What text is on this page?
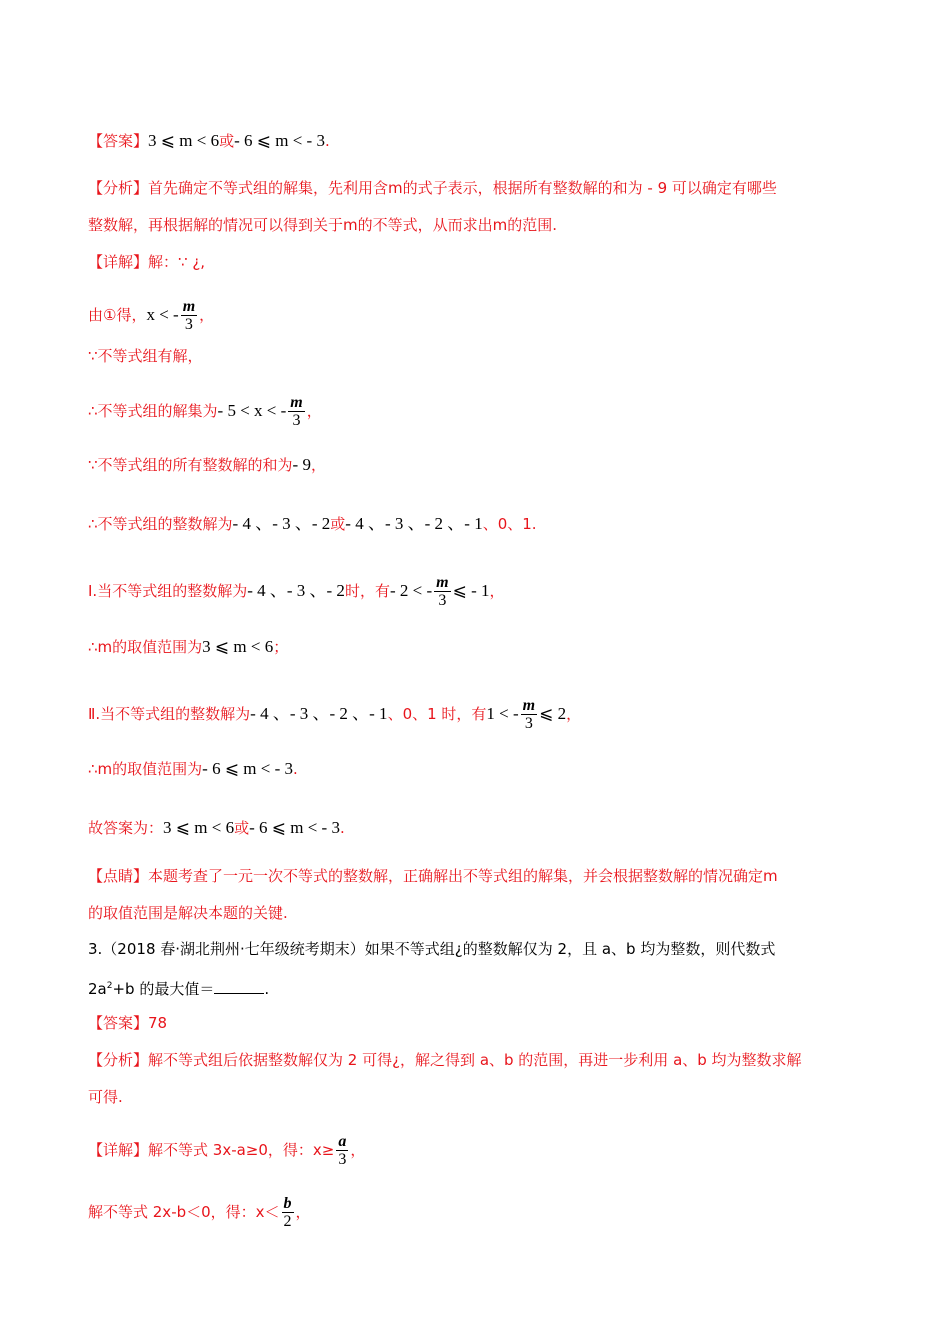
【答案】3 ⩽ m < 6或- 6 ⩽ m < - 3.
【分析】首先确定不等式组的解集，先利用含m的式子表示，根据所有整数解的和为 - 9 可以确定有哪些
整数解，再根据解的情况可以得到关于m的不等式，从而求出m的范围.
【详解】解：∵ ¿,
由①得，x < - $\frac{m}{3}$ ，
∵不等式组有解，
∴不等式组的解集为- 5 < x < - $\frac{m}{3}$ ，
∵不等式组的所有整数解的和为- 9，
∴不等式组的整数解为- 4 、- 3 、- 2或- 4 、- 3 、- 2 、- 1、0、1.
Ⅰ.当不等式组的整数解为- 4 、- 3 、- 2时，有- 2 < - $\frac{m}{3}$ ⩽ - 1，
∴m的取值范围为3 ⩽ m < 6；
Ⅱ.当不等式组的整数解为- 4 、- 3 、- 2 、- 1、0、1 时，有1 < - $\frac{m}{3}$ ⩽ 2，
∴m的取值范围为- 6 ⩽ m < - 3.
故答案为：3 ⩽ m < 6或- 6 ⩽ m < - 3.
【点睛】本题考查了一元一次不等式的整数解，正确解出不等式组的解集，并会根据整数解的情况确定m
的取值范围是解决本题的关键.
3.（2018 春·湖北荆州·七年级统考期末）如果不等式组¿的整数解仅为 2，且 a、b 均为整数，则代数式
$2a^2+b$ 的最大值＝	.
【答案】78
【分析】解不等式组后依据整数解仅为 2 可得¿，解之得到 a、b 的范围，再进一步利用 a、b 均为整数求解
可得.
【详解】解不等式 3x-a≥0，得：$x\ge \frac{a}{3}$ ，
解不等式 2x-b＜0，得：$x< \frac{b}{2}$ ，
